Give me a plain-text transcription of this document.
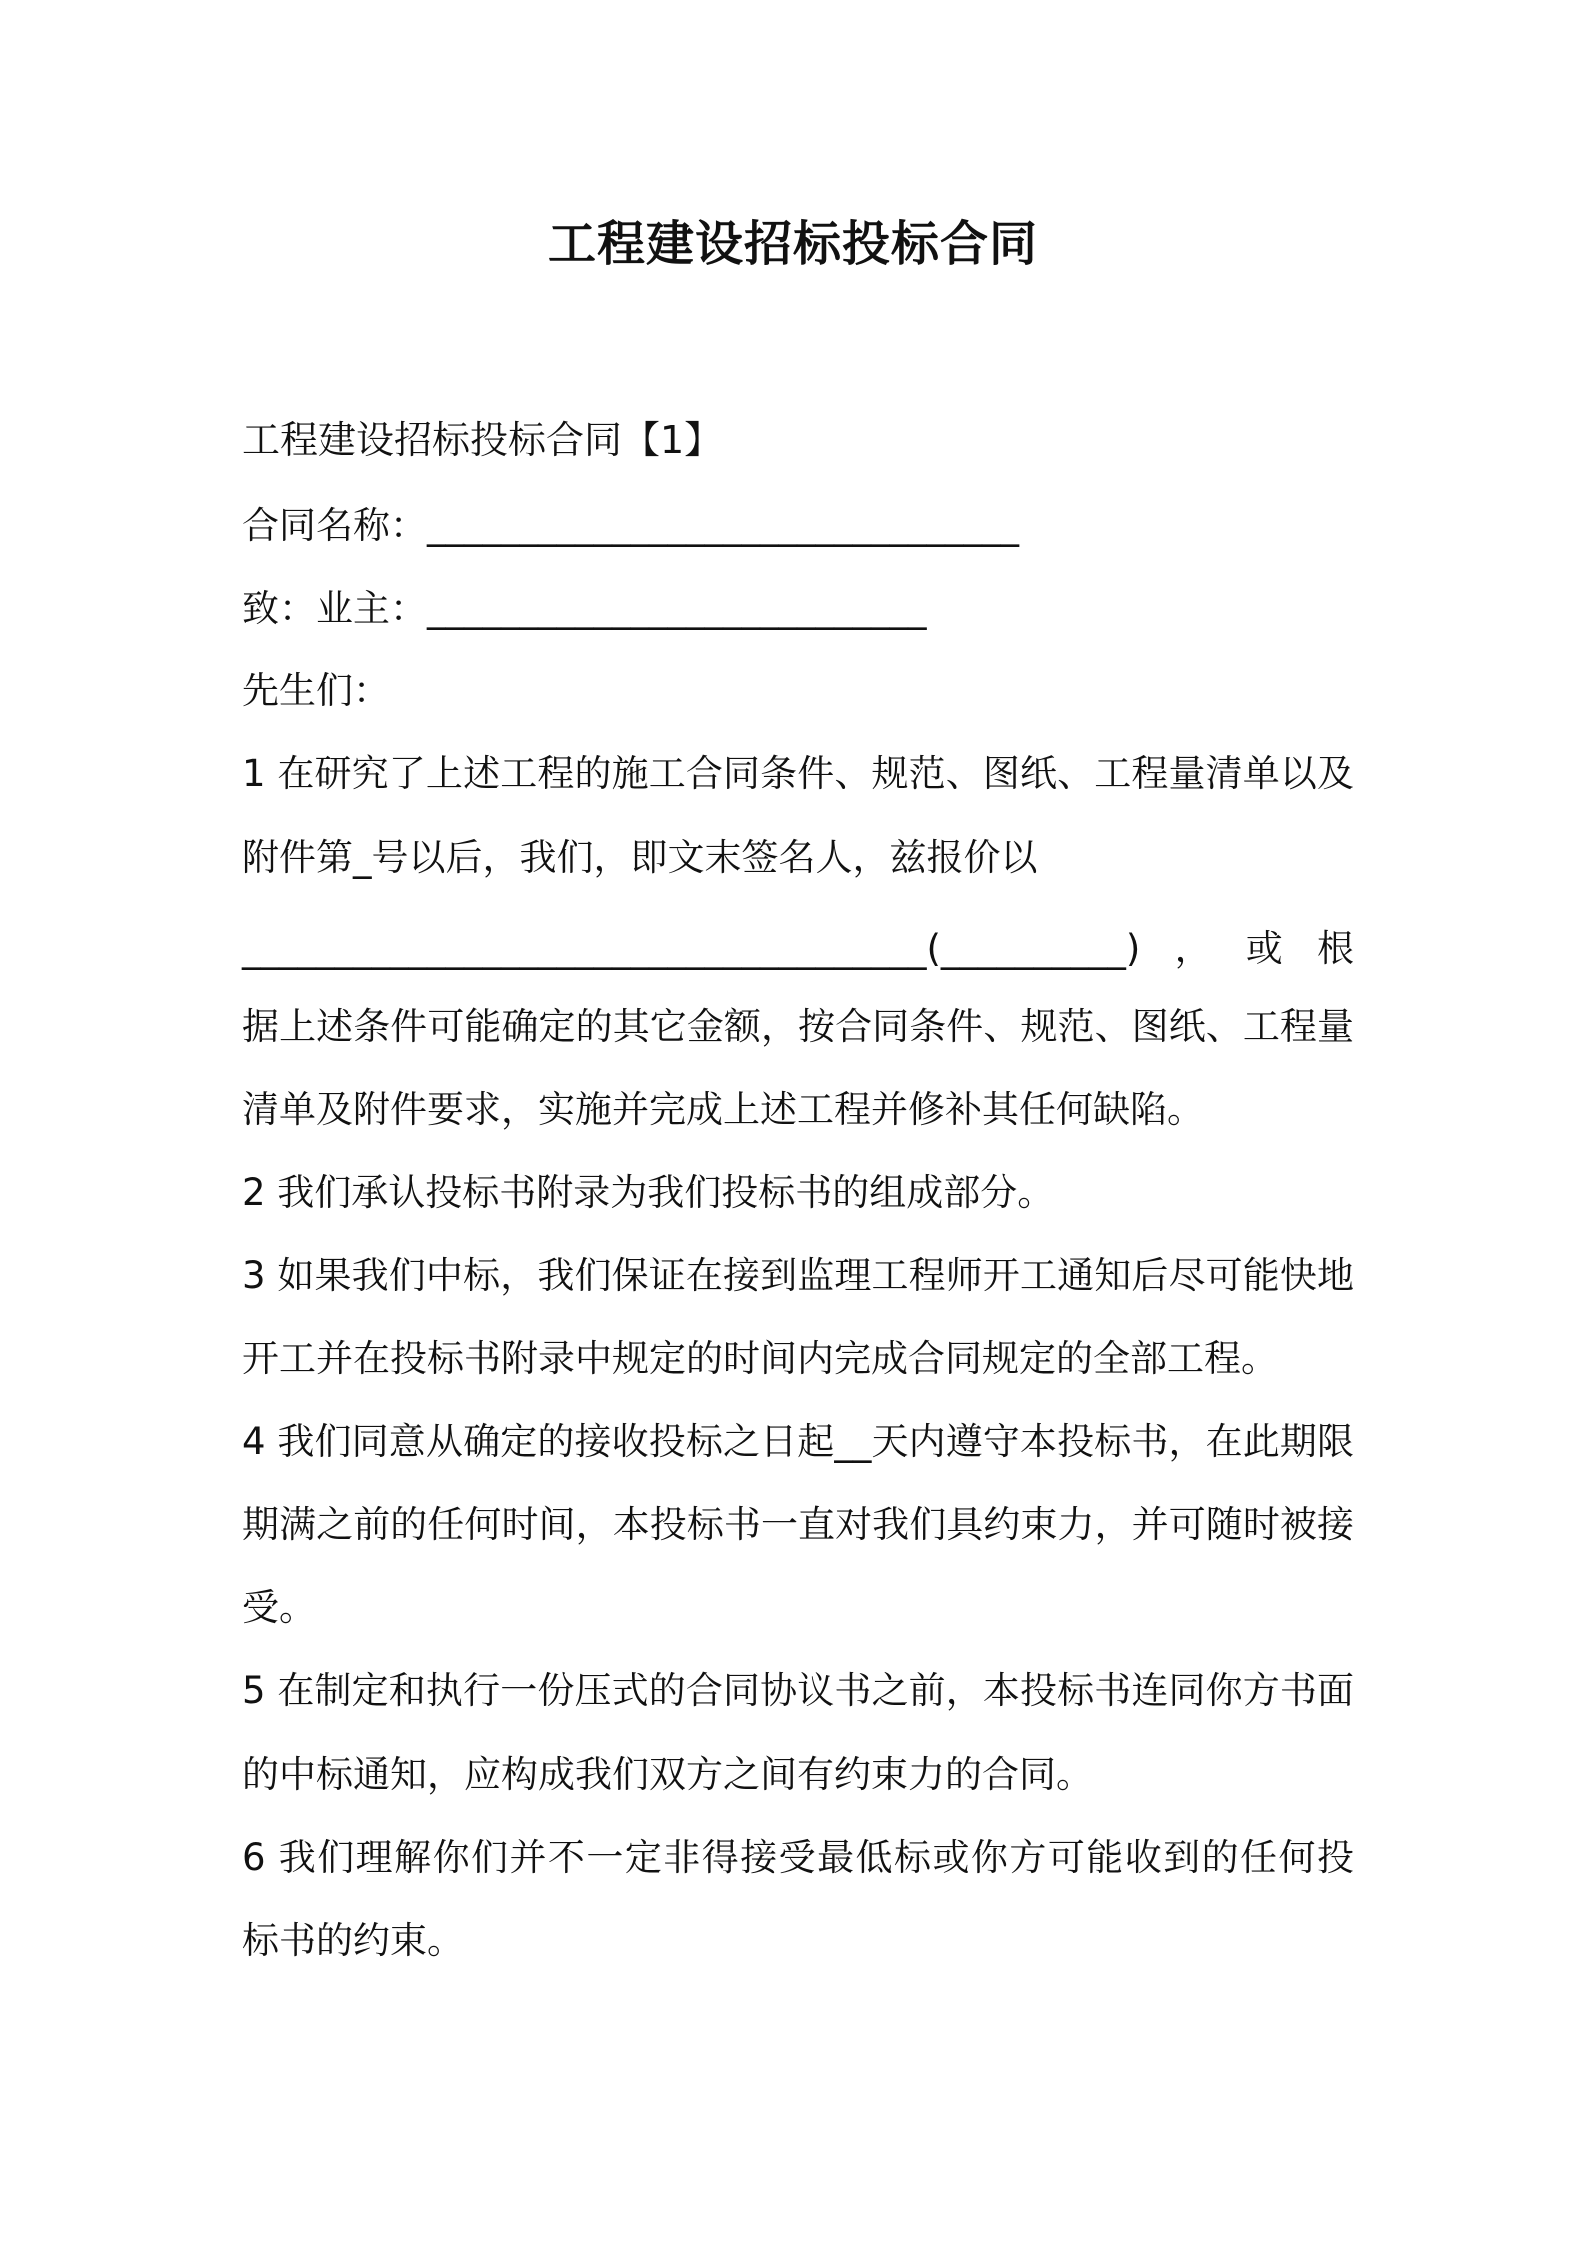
工程建设招标投标合同
工程建设招标投标合同【1】
合同名称：________________________________
致：业主：___________________________
先生们：
1 在研究了上述工程的施工合同条件、规范、图纸、工程量清单以及
附件第_号以后，我们，即文末签名人，兹报价以
_____________________________________(__________)，或根
据上述条件可能确定的其它金额，按合同条件、规范、图纸、工程量
清单及附件要求，实施并完成上述工程并修补其任何缺陷。
2 我们承认投标书附录为我们投标书的组成部分。
3 如果我们中标，我们保证在接到监理工程师开工通知后尽可能快地
开工并在投标书附录中规定的时间内完成合同规定的全部工程。
4 我们同意从确定的接收投标之日起__天内遵守本投标书，在此期限
期满之前的任何时间，本投标书一直对我们具约束力，并可随时被接
受。
5 在制定和执行一份压式的合同协议书之前，本投标书连同你方书面
的中标通知，应构成我们双方之间有约束力的合同。
6 我们理解你们并不一定非得接受最低标或你方可能收到的任何投
标书的约束。
